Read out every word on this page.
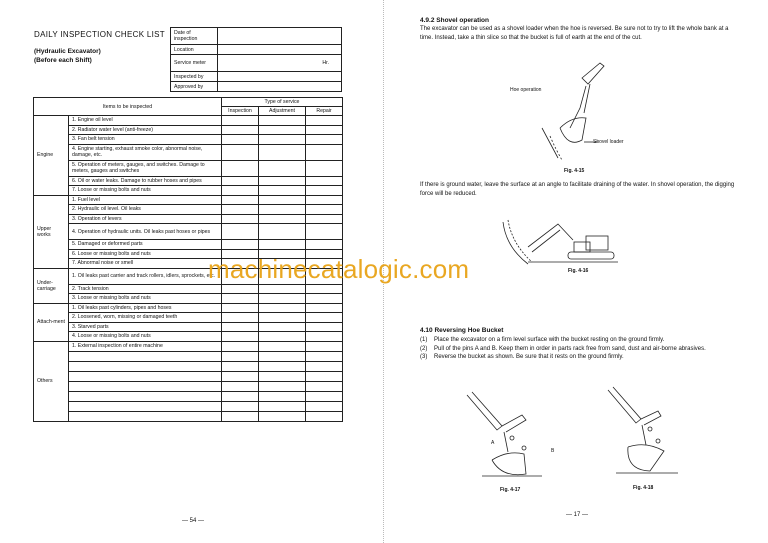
DAILY INSPECTION CHECK LIST
(Hydraulic Excavator)
(Before each Shift)
Date of inspection	
Location	
Service meter	Hr.
Inspected by	
Approved by	
Items to be inspected		Type of service		
		Inspection	Adjustment	Repair
Engine	1. Engine oil level			
	2. Radiator water level (anti-freeze)			
	3. Fan belt tension			
	4. Engine starting, exhaust smoke color, abnormal noise, damage, etc.			
	5. Operation of meters, gauges, and switches. Damage to meters, gauges and switches			
	6. Oil or water leaks. Damage to rubber hoses and pipes			
	7. Loose or missing bolts and nuts			
Upper works	1. Fuel level			
	2. Hydraulic oil level. Oil leaks			
	3. Operation of levers			
	4. Operation of hydraulic units. Oil leaks past hoses or pipes			
	5. Damaged or deformed parts			
	6. Loose or missing bolts and nuts			
	7. Abnormal noise or smell			
Under-carriage	1. Oil leaks past carrier and track rollers, idlers, sprockets, etc.			
	2. Track tension			
	3. Loose or missing bolts and nuts			
Attach-ment	1. Oil leaks past cylinders, pipes and hoses			
	2. Loosened, worn, missing or damaged teeth			
	3. Starved parts			
	4. Loose or missing bolts and nuts			
Others	1. External inspection of entire machine			

— 54 —
4.9.2 Shovel operation
The excavator can be used as a shovel loader when the hoe is reversed. Be sure not to try to lift the whole bank at a time. Instead, take a thin slice so that the bucket is full of earth at the end of the cut.
Hoe operation
Shovel loader
Fig. 4-15
If there is ground water, leave the surface at an angle to facilitate draining of the water. In shovel operation, the digging force will be reduced.
Fig. 4-16
4.10 Reversing Hoe Bucket
(1)	Place the excavator on a firm level surface with the bucket resting on the ground firmly.
(2)	Pull of the pins A and B. Keep them in order in parts rack free from sand, dust and air-borne abrasives.
(3)	Reverse the bucket as shown. Be sure that it rests on the ground firmly.
A
B
Fig. 4-17	Fig. 4-18
— 17 —
machinecatalogic.com
